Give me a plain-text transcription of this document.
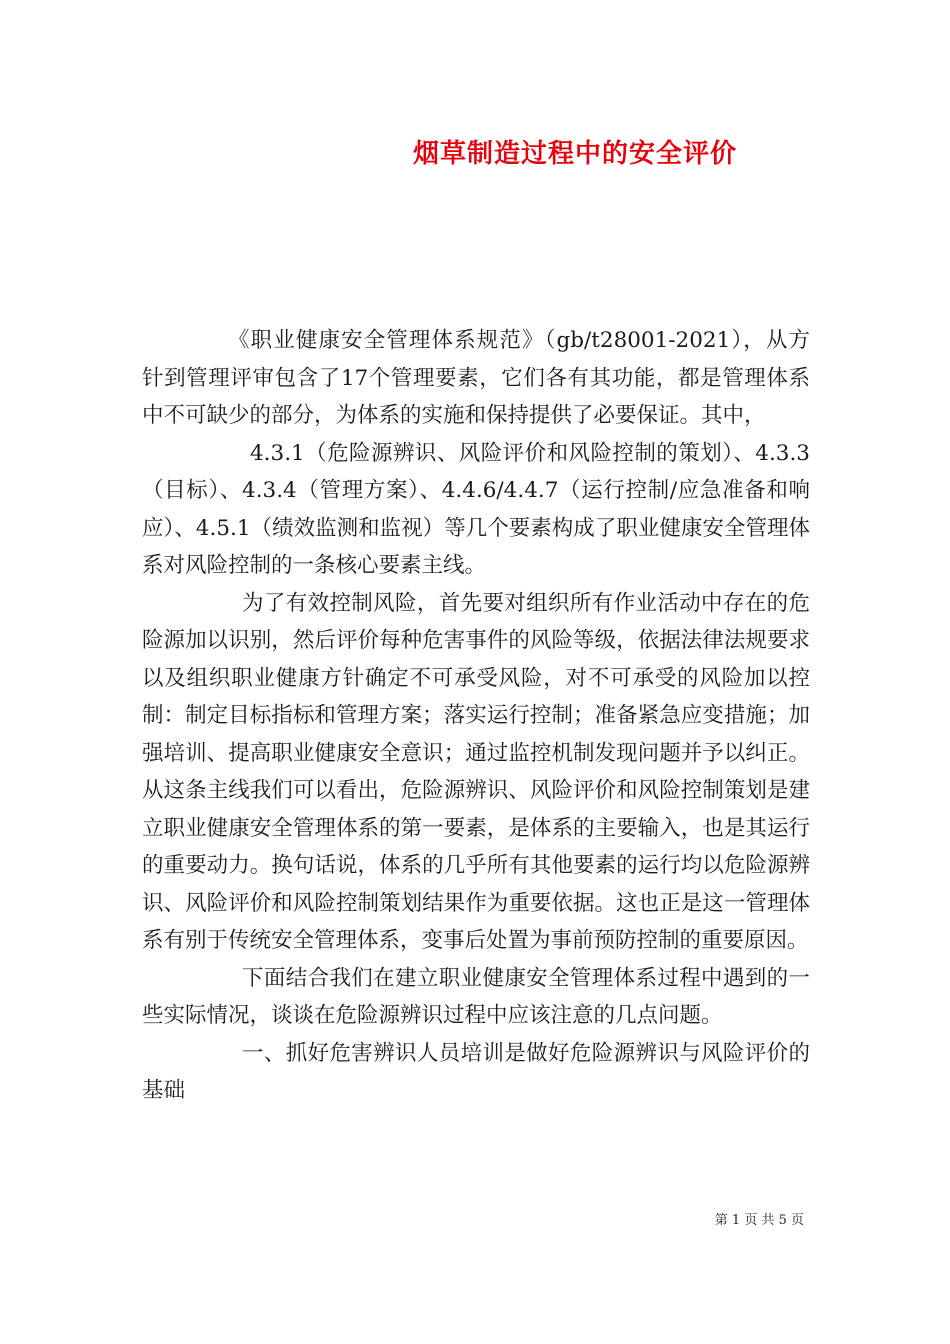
烟草制造过程中的安全评价

《职业健康安全管理体系规范》（gb/t28001-2021），从方针到管理评审包含了17个管理要素，它们各有其功能，都是管理体系中不可缺少的部分，为体系的实施和保持提供了必要保证。其中，

4.3.1（危险源辨识、风险评价和风险控制的策划）、4.3.3（目标）、4.3.4（管理方案）、4.4.6/4.4.7（运行控制/应急准备和响应）、4.5.1（绩效监测和监视）等几个要素构成了职业健康安全管理体系对风险控制的一条核心要素主线。

为了有效控制风险，首先要对组织所有作业活动中存在的危险源加以识别，然后评价每种危害事件的风险等级，依据法律法规要求以及组织职业健康方针确定不可承受风险，对不可承受的风险加以控制：制定目标指标和管理方案；落实运行控制；准备紧急应变措施；加强培训、提高职业健康安全意识；通过监控机制发现问题并予以纠正。从这条主线我们可以看出，危险源辨识、风险评价和风险控制策划是建立职业健康安全管理体系的第一要素，是体系的主要输入，也是其运行的重要动力。换句话说，体系的几乎所有其他要素的运行均以危险源辨识、风险评价和风险控制策划结果作为重要依据。这也正是这一管理体系有别于传统安全管理体系，变事后处置为事前预防控制的重要原因。

下面结合我们在建立职业健康安全管理体系过程中遇到的一些实际情况，谈谈在危险源辨识过程中应该注意的几点问题。

一、抓好危害辨识人员培训是做好危险源辨识与风险评价的基础

第 1 页 共 5 页
